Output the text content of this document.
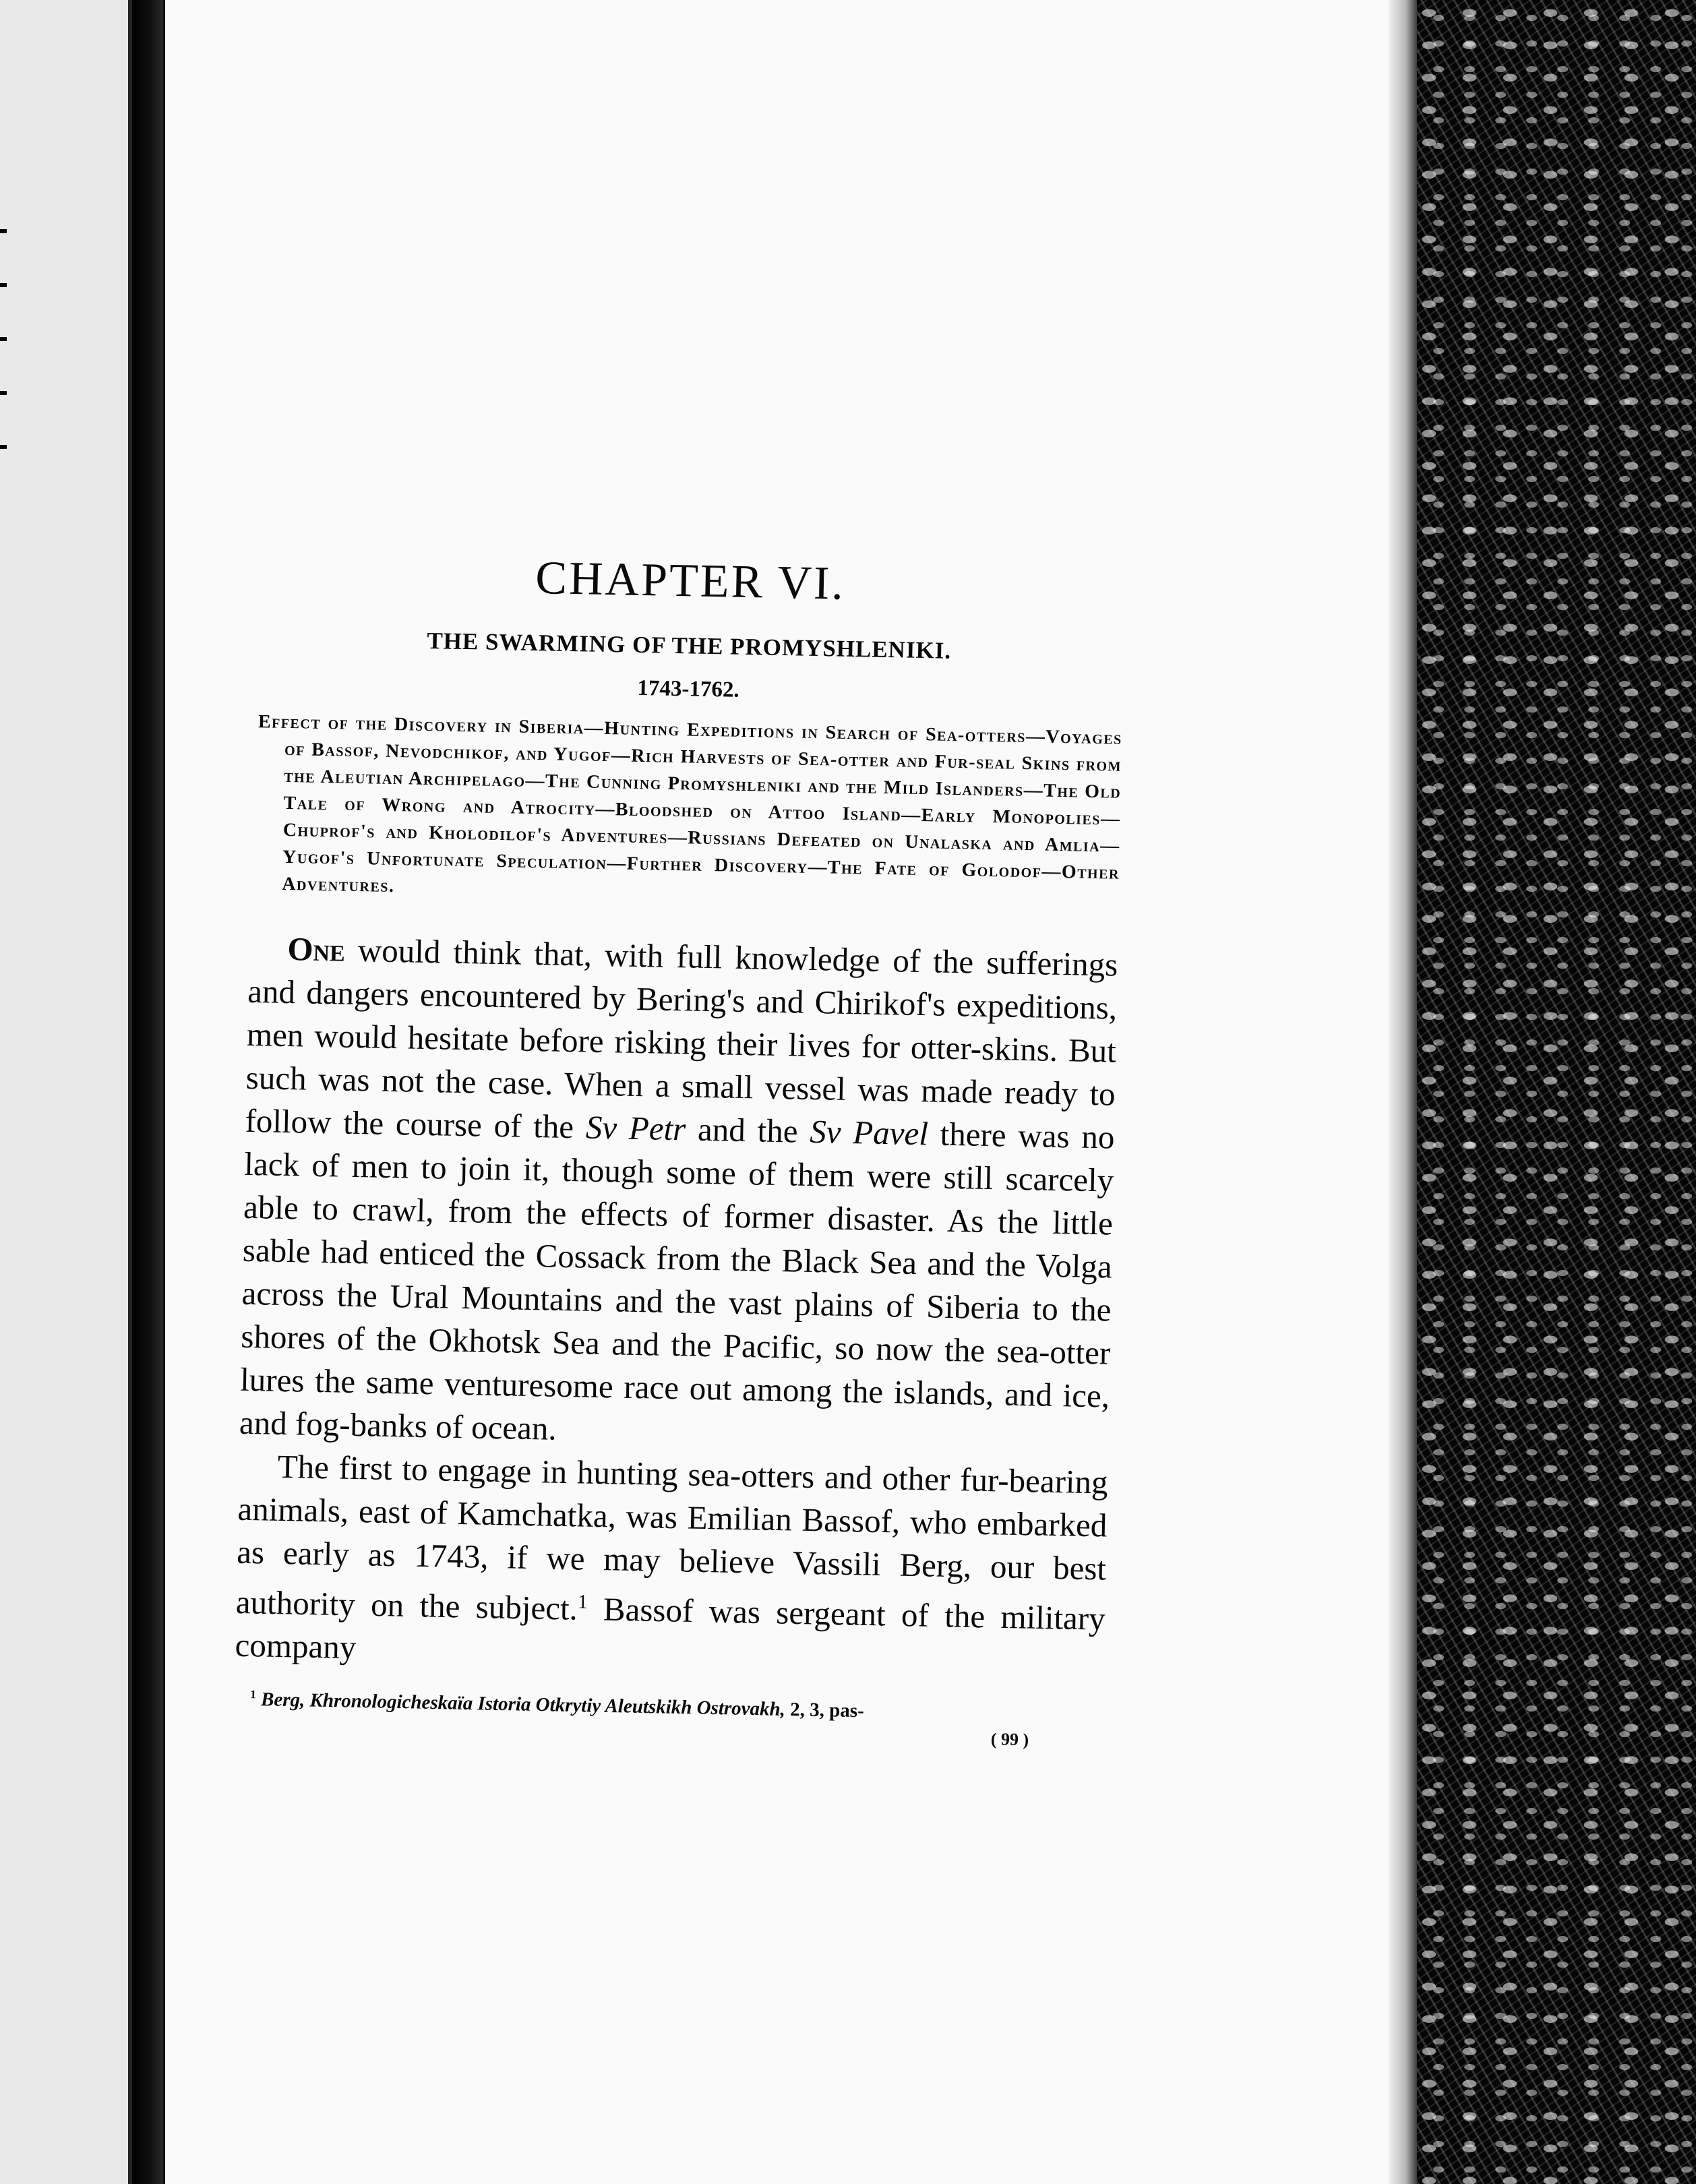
CHAPTER VI.
THE SWARMING OF THE PROMYSHLENIKI.
1743-1762.

Effect of the Discovery in Siberia—Hunting Expeditions in Search of Sea-otters—Voyages of Bassof, Nevodchikof, and Yugof—Rich Harvests of Sea-otter and Fur-seal Skins from the Aleutian Archipelago—The Cunning Promyshleniki and the Mild Islanders—The Old Tale of Wrong and Atrocity—Bloodshed on Attoo Island—Early Monopolies—Chuprof's and Kholodilof's Adventures—Russians Defeated on Unalaska and Amlia—Yugof's Unfortunate Speculation—Further Discovery—The Fate of Golodof—Other Adventures.

One would think that, with full knowledge of the sufferings and dangers encountered by Bering's and Chirikof's expeditions, men would hesitate before risking their lives for otter-skins. But such was not the case. When a small vessel was made ready to follow the course of the Sv Petr and the Sv Pavel there was no lack of men to join it, though some of them were still scarcely able to crawl, from the effects of former disaster. As the little sable had enticed the Cossack from the Black Sea and the Volga across the Ural Mountains and the vast plains of Siberia to the shores of the Okhotsk Sea and the Pacific, so now the sea-otter lures the same venturesome race out among the islands, and ice, and fog-banks of ocean.

The first to engage in hunting sea-otters and other fur-bearing animals, east of Kamchatka, was Emilian Bassof, who embarked as early as 1743, if we may believe Vassili Berg, our best authority on the subject.$^1$ Bassof was sergeant of the military company

$^1$ Berg, Khronologicheskaïa Istoria Otkrytiy Aleutskikh Ostrovakh, 2, 3, pas-

( 99 )
